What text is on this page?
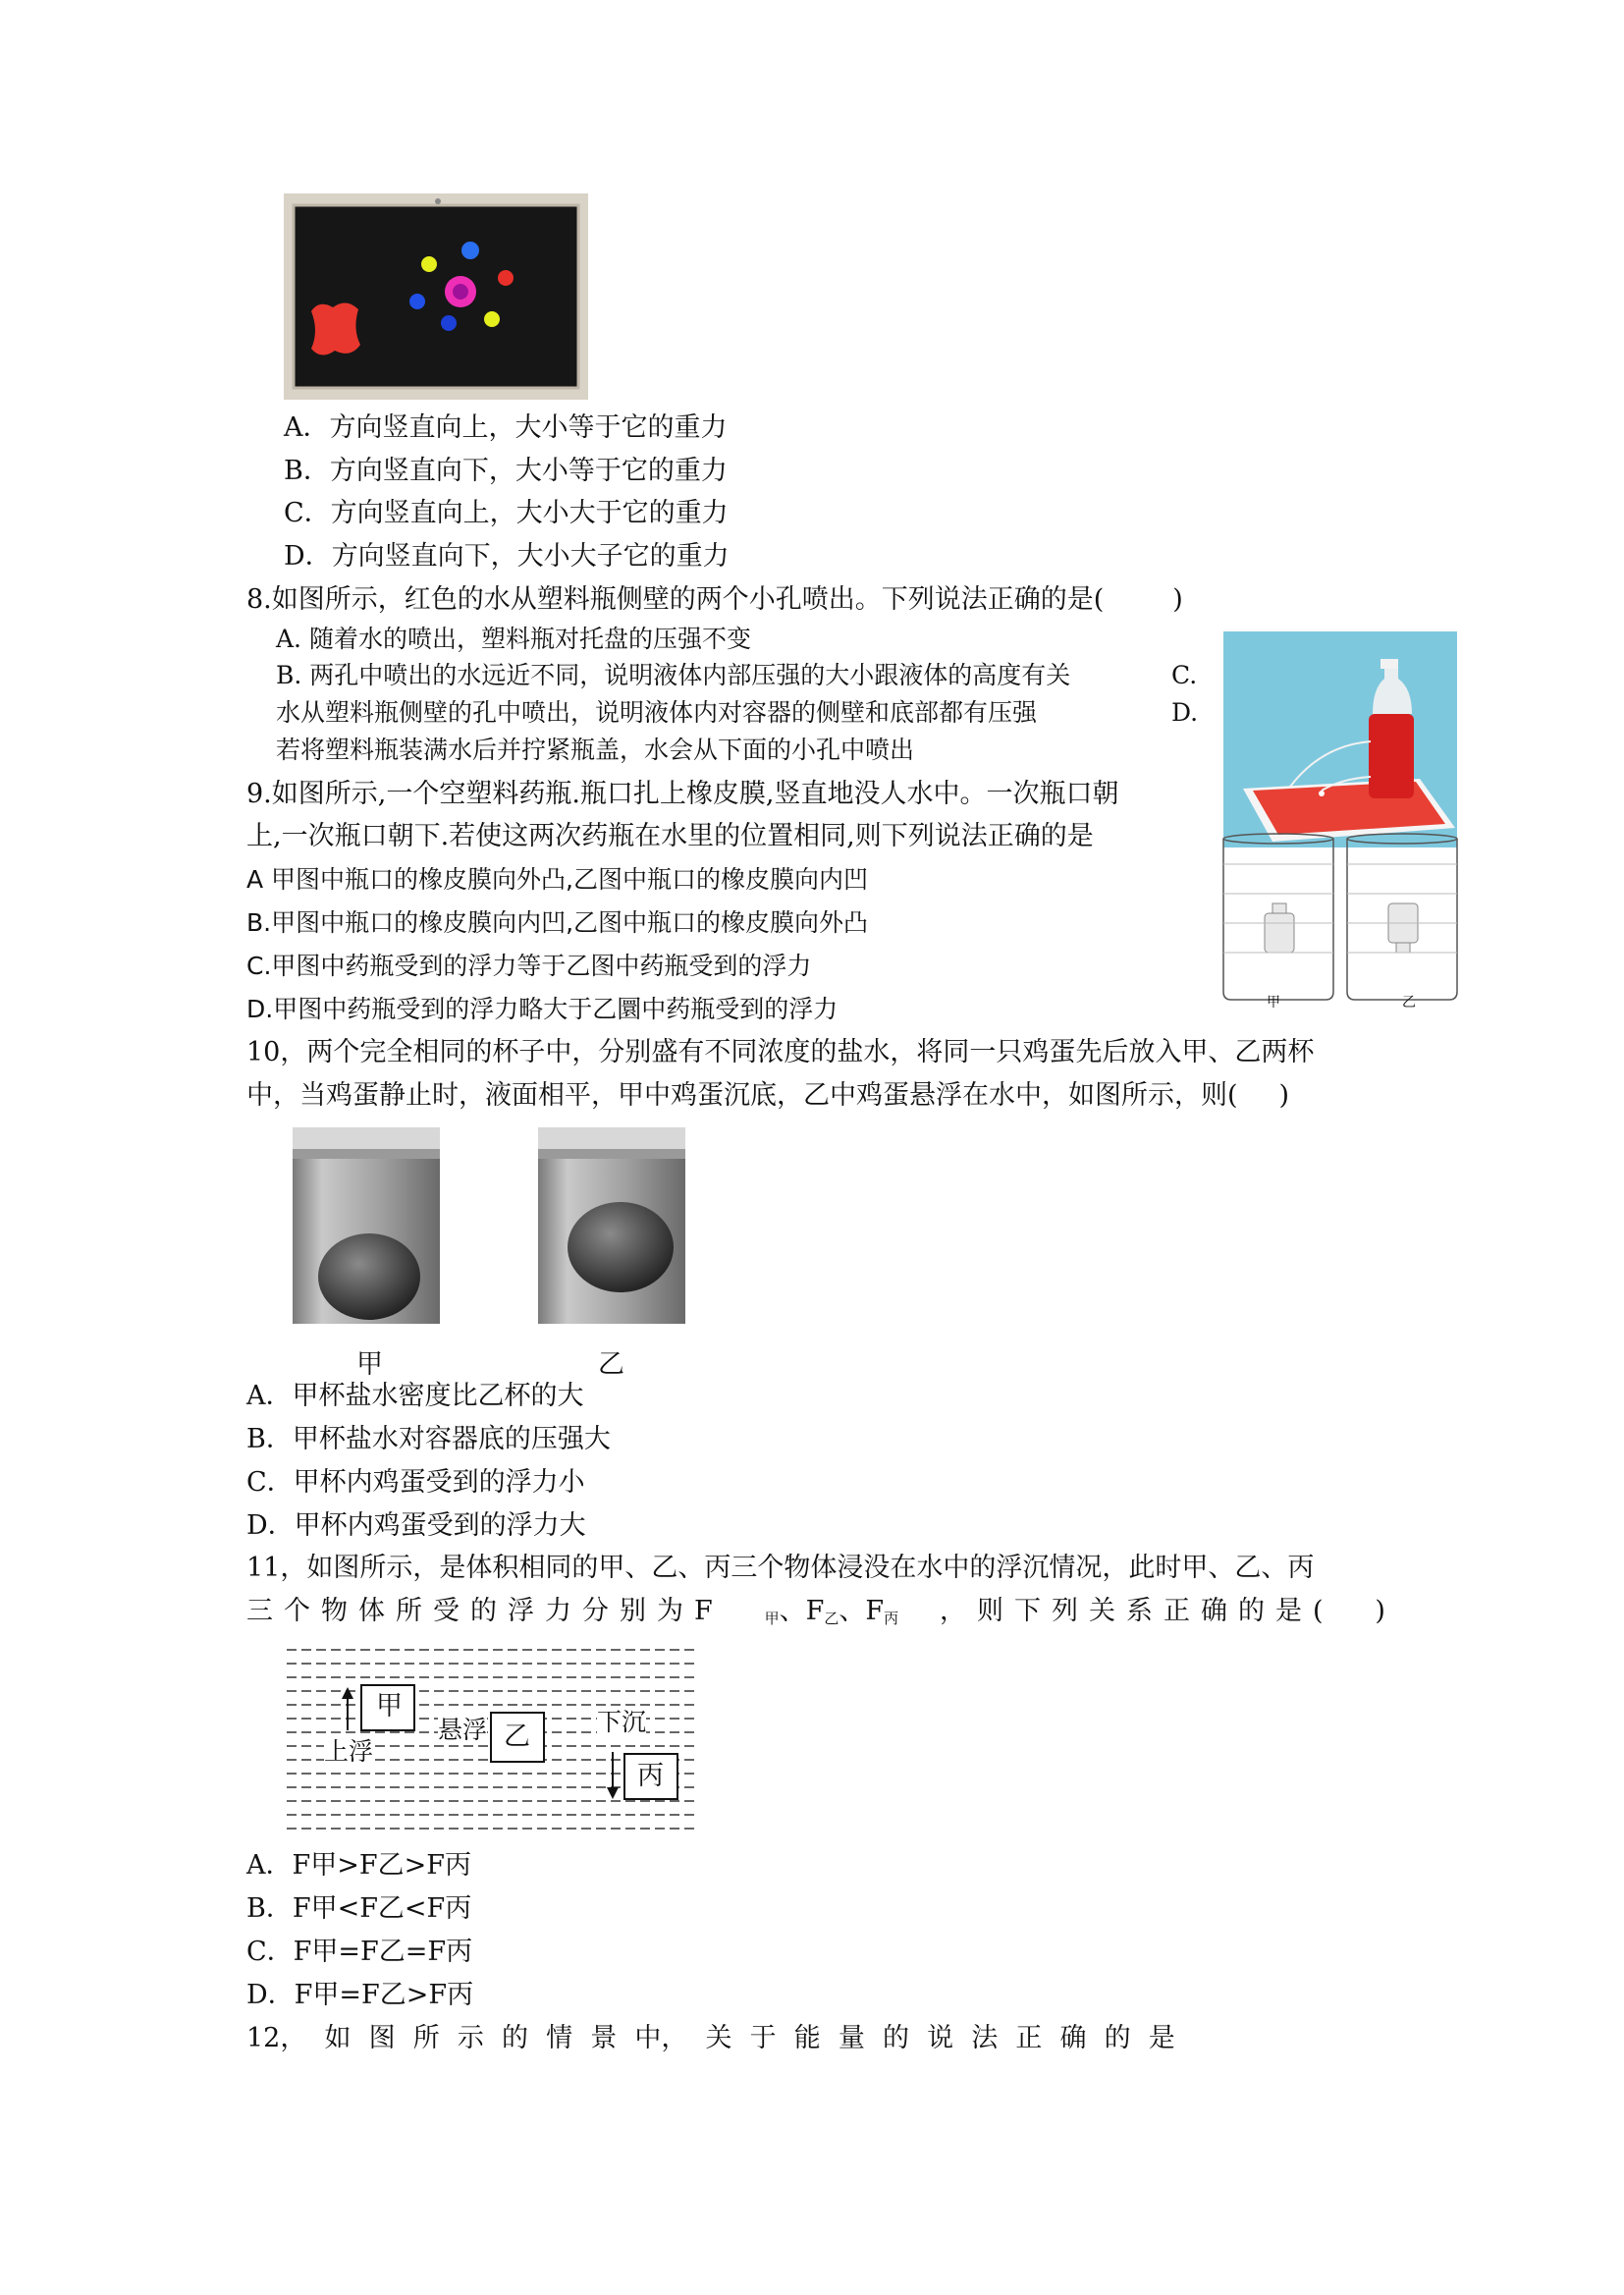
A．方向竖直向上，大小等于它的重力
B．方向竖直向下，大小等于它的重力
C．方向竖直向上，大小大于它的重力
D．方向竖直向下，大小大子它的重力
8.如图所示，红色的水从塑料瓶侧壁的两个小孔喷出。下列说法正确的是(	)
A. 随着水的喷出，塑料瓶对托盘的压强不变
B. 两孔中喷出的水远近不同，说明液体内部压强的大小跟液体的高度有关	C.
水从塑料瓶侧壁的孔中喷出，说明液体内对容器的侧壁和底部都有压强	D.
若将塑料瓶装满水后并拧紧瓶盖，水会从下面的小孔中喷出
9.如图所示,一个空塑料药瓶.瓶口扎上橡皮膜,竖直地没人水中。一次瓶口朝
上,一次瓶口朝下.若使这两次药瓶在水里的位置相同,则下列说法正确的是
A 甲图中瓶口的橡皮膜向外凸,乙图中瓶口的橡皮膜向内凹
B.甲图中瓶口的橡皮膜向内凹,乙图中瓶口的橡皮膜向外凸
C.甲图中药瓶受到的浮力等于乙图中药瓶受到的浮力
D.甲图中药瓶受到的浮力略大于乙圜中药瓶受到的浮力	甲	乙
10，两个完全相同的杯子中，分别盛有不同浓度的盐水，将同一只鸡蛋先后放入甲、乙两杯
中，当鸡蛋静止时，液面相平，甲中鸡蛋沉底，乙中鸡蛋悬浮在水中，如图所示，则( )
甲	乙
A．甲杯盐水密度比乙杯的大
B．甲杯盐水对容器底的压强大
C．甲杯内鸡蛋受到的浮力小
D．甲杯内鸡蛋受到的浮力大
11，如图所示，是体积相同的甲、乙、丙三个物体浸没在水中的浮沉情况，此时甲、乙、丙
三个物体所受的浮力分别为F	$_甲$、$F_乙$、$F_丙$ ，则下列关系正确的是( )
甲
乙
丙
上浮
悬浮	下沉
A．F甲>F乙>F丙
B．F甲<F乙<F丙
C．F甲=F乙=F丙
D．F甲=F乙>F丙
12， 如 图 所 示 的 情 景 中， 关 于 能 量 的 说 法 正 确 的 是
